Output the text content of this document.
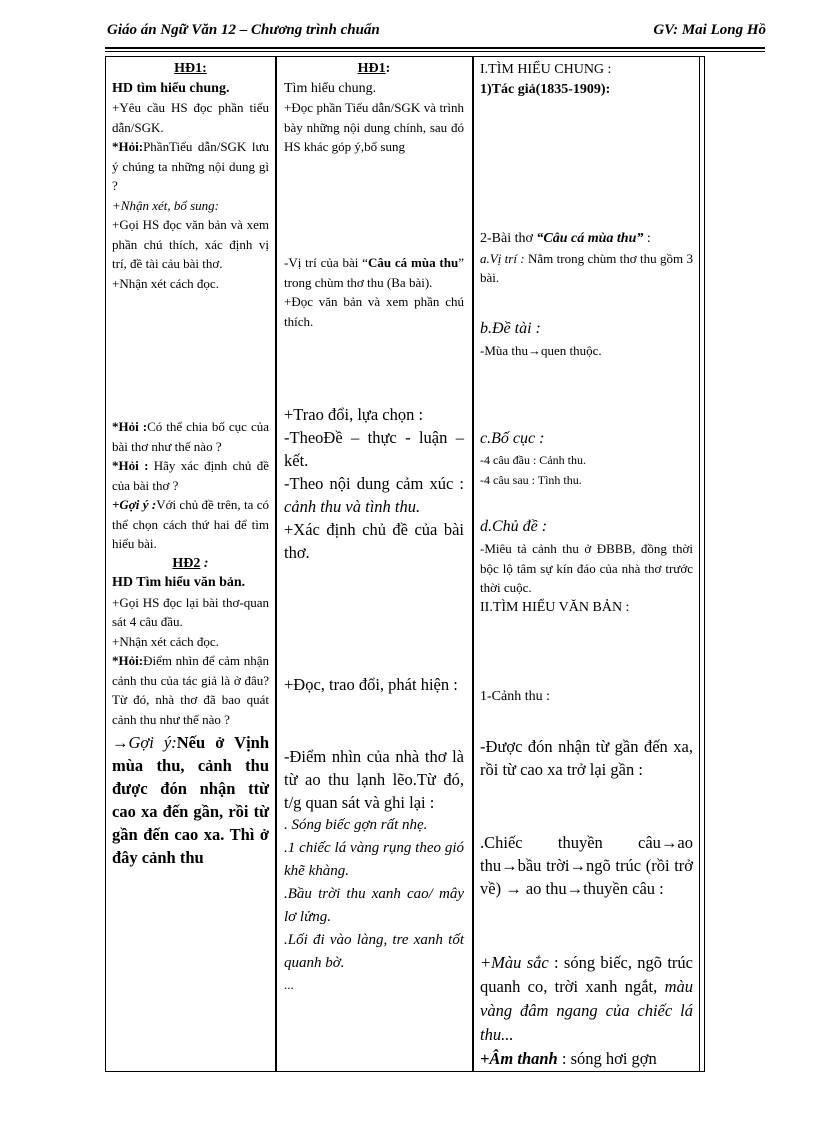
Giáo án Ngữ Văn 12 – Chương trình chuẩn	GV: Mai Long Hồ

HĐ1:

HD tìm hiểu chung.

+Yêu cầu HS đọc phần tiểu dẫn/SGK.

*Hỏi:PhầnTiểu dẫn/SGK lưu ý chúng ta những nội dung gì ?

+Nhận xét, bổ sung:

+Gọi HS đọc văn bản và xem phần chú thích, xác định vị trí, đề tài cảu bài thơ.

+Nhận xét cách đọc.

*Hỏi :Có thể chia bố cục của bài thơ như thế nào ?

*Hỏi : Hãy xác định chủ đề của bài thơ ?

+Gợi ý :Với chủ đề trên, ta có thể chọn cách thứ hai để tìm hiểu bài.

HĐ2 :

HD Tìm hiểu văn bản.

+Gọi HS đọc lại bài thơ-quan sát 4 câu đầu.

+Nhận xét cách đọc.

*Hỏi:Điểm nhìn để cảm nhận cảnh thu của tác giả là ở đâu? Từ đó, nhà thơ đã bao quát cảnh thu như thế nào ?

→Gợi ý:Nếu ở Vịnh mùa thu, cảnh thu được đón nhận ttừ cao xa đến gần, rồi từ gần đến cao xa. Thì ở đây cảnh thu

HĐ1:

Tìm hiểu chung.

+Đọc phần Tiểu dẫn/SGK và trình bày những nội dung chính, sau đó HS khác góp ý,bổ sung

-Vị trí của bài “Câu cá mùa thu” trong chùm thơ thu (Ba bài).

+Đọc văn bản và xem phần chú thích.

+Trao đổi, lựa chọn :

-TheoĐề – thực - luận –kết.

-Theo nội dung cảm xúc : cảnh thu và tình thu.

+Xác định chủ đề của bài thơ.

+Đọc, trao đổi, phát hiện :

-Điểm nhìn của nhà thơ là từ ao thu lạnh lẽo.Từ đó, t/g quan sát và ghi lại :

. Sóng biếc gợn rất nhẹ.

.1 chiếc lá vàng rụng theo gió khẽ khàng.

.Bầu trời thu xanh cao/ mây lơ lửng.

.Lối đi vào làng, tre xanh tốt quanh bờ.

...

I.TÌM HIỂU CHUNG :

1)Tác giả(1835-1909):

2-Bài thơ “Câu cá mùa thu” :

a.Vị trí : Nằm trong chùm thơ thu gồm 3 bài.

b.Đề tài :

-Mùa thu→quen thuộc.

c.Bố cục :

-4 câu đầu : Cảnh thu.

-4 câu sau : Tình thu.

d.Chủ đề :

-Miêu tả cảnh thu ở ĐBBB, đồng thời bộc lộ tâm sự kín đáo của nhà thơ trước thời cuộc.

II.TÌM HIỂU VĂN BẢN :

1-Cảnh thu :

-Được đón nhận từ gần đến xa, rồi từ cao xa trở lại gần :

.Chiếc thuyền câu→ao thu→bầu trời→ngõ trúc (rồi trở về) → ao thu→thuyền câu :

+Màu sắc : sóng biếc, ngõ trúc quanh co, trời xanh ngắt, màu vàng đâm ngang của chiếc lá thu...

+Âm thanh : sóng hơi gợn
